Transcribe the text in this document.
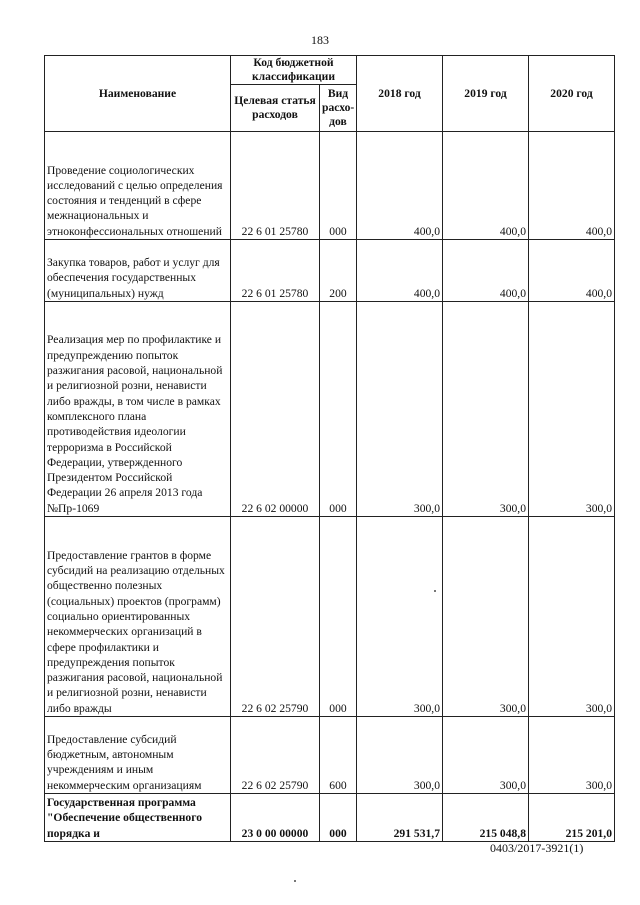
183
Наименование	Код бюджетной классификации		2018 год	2019 год	2020 год
	Целевая статья расходов	Вид расхо- дов			
Проведение социологических исследований с целью определения состояния и тенденций в сфере межнациональных и этноконфессиональных отношений	22 6 01 25780	000	400,0	400,0	400,0
Закупка товаров, работ и услуг для обеспечения государственных (муниципальных) нужд	22 6 01 25780	200	400,0	400,0	400,0
Реализация мер по профилактике и предупреждению попыток разжигания расовой, национальной и религиозной розни, ненависти либо вражды, в том числе в рамках комплексного плана противодействия идеологии терроризма в Российской Федерации, утвержденного Президентом Российской Федерации 26 апреля 2013 года №Пр-1069	22 6 02 00000	000	300,0	300,0	300,0
Предоставление грантов в форме субсидий на реализацию отдельных общественно полезных (социальных) проектов (программ) социально ориентированных некоммерческих организаций в сфере профилактики и предупреждения попыток разжигания расовой, национальной и религиозной розни, ненависти либо вражды	22 6 02 25790	000	300,0	300,0	300,0
Предоставление субсидий бюджетным, автономным учреждениям и иным некоммерческим организациям	22 6 02 25790	600	300,0	300,0	300,0
Государственная программа "Обеспечение общественного порядка и	23 0 00 00000	000	291 531,7	215 048,8	215 201,0
0403/2017-3921(1)
